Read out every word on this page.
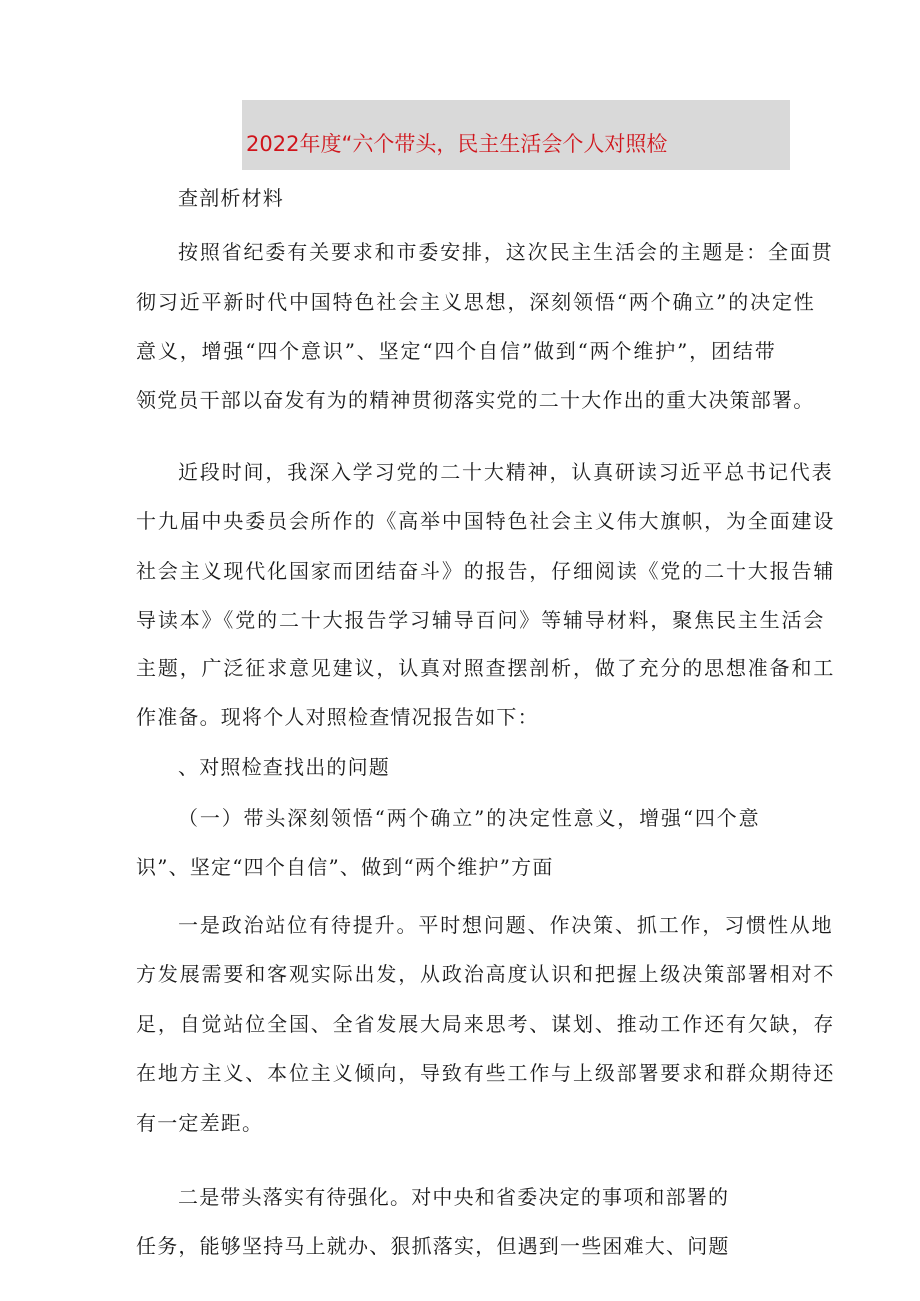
2022年度“六个带头，民主生活会个人对照检

查剖析材料

按照省纪委有关要求和市委安排，这次民主生活会的主题是：全面贯

彻习近平新时代中国特色社会主义思想，深刻领悟“两个确立”的决定性

意义，增强“四个意识”、坚定“四个自信”做到“两个维护”，团结带

领党员干部以奋发有为的精神贯彻落实党的二十大作出的重大决策部署。

近段时间，我深入学习党的二十大精神，认真研读习近平总书记代表

十九届中央委员会所作的《高举中国特色社会主义伟大旗帜，为全面建设

社会主义现代化国家而团结奋斗》的报告，仔细阅读《党的二十大报告辅

导读本》《党的二十大报告学习辅导百问》等辅导材料，聚焦民主生活会

主题，广泛征求意见建议，认真对照查摆剖析，做了充分的思想准备和工

作准备。现将个人对照检查情况报告如下：

、对照检查找出的问题

（一）带头深刻领悟“两个确立”的决定性意义，增强“四个意

识”、坚定“四个自信”、做到“两个维护”方面

一是政治站位有待提升。平时想问题、作决策、抓工作，习惯性从地

方发展需要和客观实际出发，从政治高度认识和把握上级决策部署相对不

足，自觉站位全国、全省发展大局来思考、谋划、推动工作还有欠缺，存

在地方主义、本位主义倾向，导致有些工作与上级部署要求和群众期待还

有一定差距。

二是带头落实有待强化。对中央和省委决定的事项和部署的

任务，能够坚持马上就办、狠抓落实，但遇到一些困难大、问题
